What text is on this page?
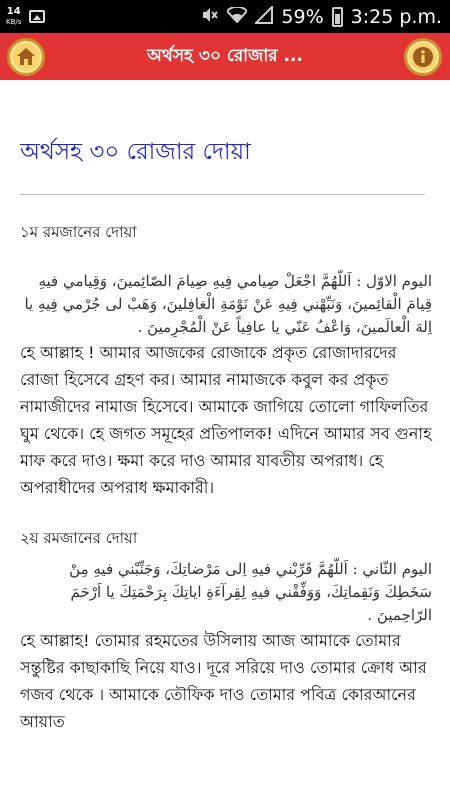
14
KB/s	59% 3:25 p.m.
অর্থসহ ৩০ রোজার ...
অর্থসহ ৩০ রোজার দোয়া
১ম রমজানের দোয়া
اليوم الاوّل : اَللّهُمَّ اجْعَلْ صِيامي فِيهِ صِيامَ الصّائِمينَ، وَقِيامي فيهِ قِيامَ الْقائِمينَ، وَنَبِّهْني فِيهِ عَنْ نَوْمَةِ الْغافِلينَ، وَهَبْ لى جُرْمي فِيهِ يا اِلهَ الْعالَمينَ، وَاعْفُ عَنّي يا عافِياً عَنْ الْمُجْرِمينَ .
হে আল্লাহ ! আমার আজকের রোজাকে প্রকৃত রোজাদারদের রোজা হিসেবে গ্রহণ কর। আমার নামাজকে কবুল কর প্রকৃত নামাজীদের নামাজ হিসেবে। আমাকে জাগিয়ে তোলো গাফিলতির ঘুম থেকে। হে জগত সমূহের প্রতিপালক! এদিনে আমার সব গুনাহ মাফ করে দাও। ক্ষমা করে দাও আমার যাবতীয় অপরাধ। হে অপরাধীদের অপরাধ ক্ষমাকারী।
২য় রমজানের দোয়া
اليوم الثّاني : اَللّهُمَّ قَرِّبْني فيهِ اِلى مَرْضاتِكَ، وَجَنِّبْني فيهِ مِنْ سَخَطِكَ وَنَقِماتِكَ، وَوَفِّقْني فيهِ لِقِرآءَةِ اياتِكَ بِرَحْمَتِكَ يا اَرْحَمَ الرّاحِمينَ .
হে আল্লাহ! তোমার রহমতের উসিলায় আজ আমাকে তোমার সন্তুষ্টির কাছাকাছি নিয়ে যাও। দূরে সরিয়ে দাও তোমার ক্রোধ আর গজব থেকে । আমাকে তৌফিক দাও তোমার পবিত্র কোরআনের আয়াত
